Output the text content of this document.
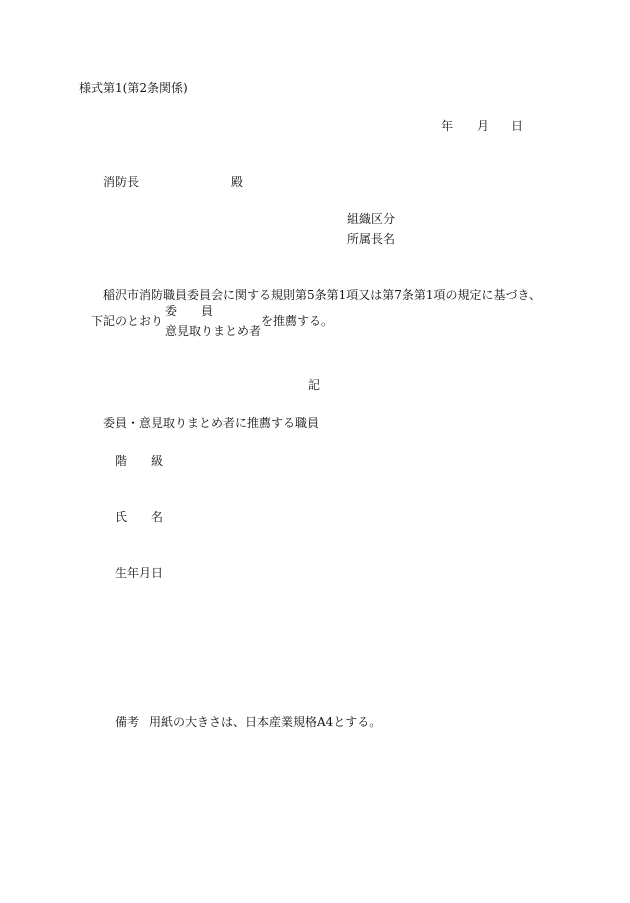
様式第1(第2条関係)
年 月 日
消防長	殿
組織区分
所属長名
稲沢市消防職員委員会に関する規則第5条第1項又は第7条第1項の規定に基づき、
下記のとおり
委　　員
意見取りまとめ者
を推薦する。
記
委員・意見取りまとめ者に推薦する職員
階　　級
氏　　名
生年月日
備考 用紙の大きさは、日本産業規格A4とする。
